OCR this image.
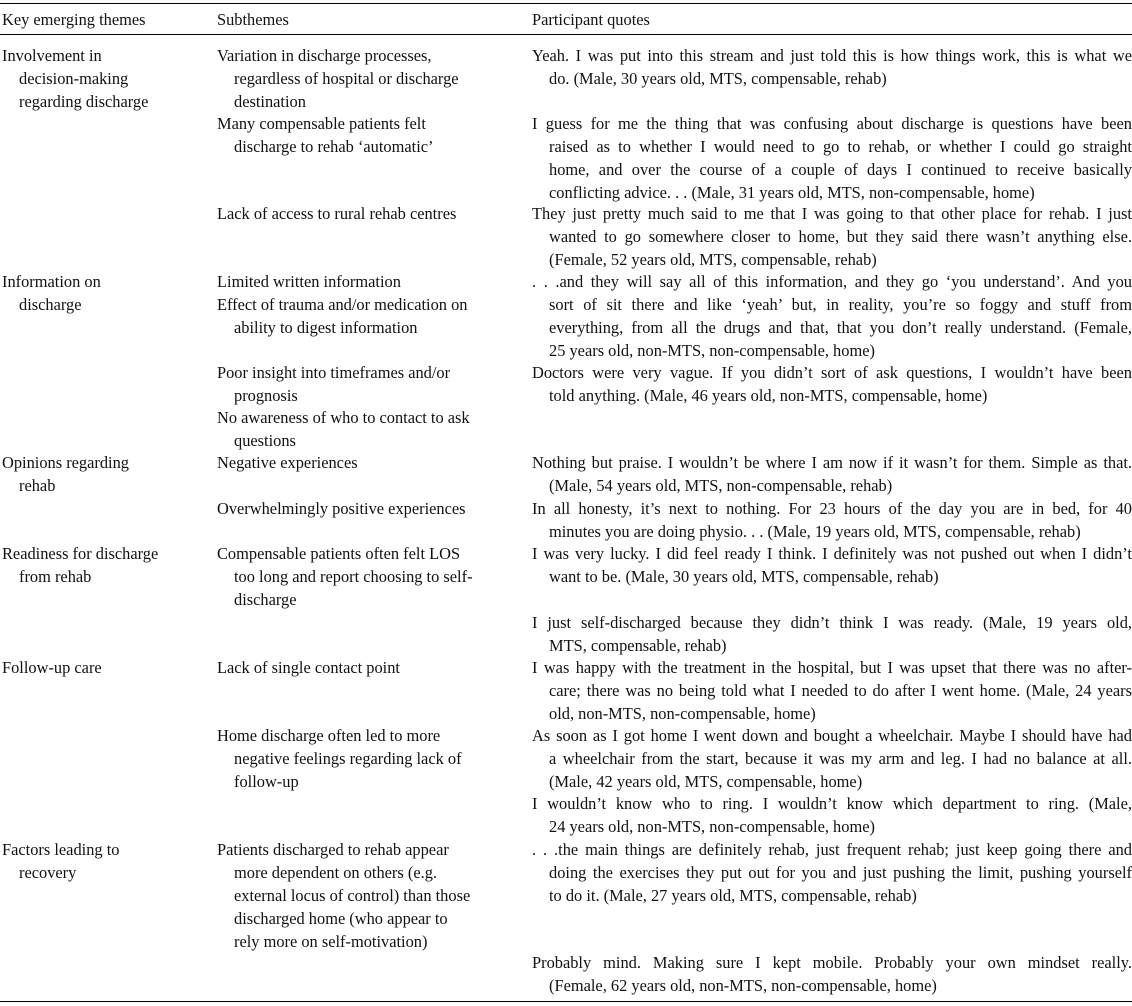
Key emerging themes	Subthemes	Participant quotes
Involvement in
decision-making
regarding discharge
Information on
discharge
Opinions regarding
rehab
Readiness for discharge
from rehab
Follow-up care
Factors leading to
recovery
Variation in discharge processes,
regardless of hospital or discharge
destination
Many compensable patients felt
discharge to rehab ‘automatic’
Lack of access to rural rehab centres
Limited written information
Effect of trauma and/or medication on
ability to digest information
Poor insight into timeframes and/or
prognosis
No awareness of who to contact to ask
questions
Negative experiences
Overwhelmingly positive experiences
Compensable patients often felt LOS
too long and report choosing to self-
discharge
Lack of single contact point
Home discharge often led to more
negative feelings regarding lack of
follow-up
Patients discharged to rehab appear
more dependent on others (e.g.
external locus of control) than those
discharged home (who appear to
rely more on self-motivation)
Yeah. I was put into this stream and just told this is how things work, this is what we
do. (Male, 30 years old, MTS, compensable, rehab)
I guess for me the thing that was confusing about discharge is questions have been
raised as to whether I would need to go to rehab, or whether I could go straight
home, and over the course of a couple of days I continued to receive basically
conflicting advice. . . (Male, 31 years old, MTS, non-compensable, home)
They just pretty much said to me that I was going to that other place for rehab. I just
wanted to go somewhere closer to home, but they said there wasn’t anything else.
(Female, 52 years old, MTS, compensable, rehab)
. . .and they will say all of this information, and they go ‘you understand’. And you
sort of sit there and like ‘yeah’ but, in reality, you’re so foggy and stuff from
everything, from all the drugs and that, that you don’t really understand. (Female,
25 years old, non-MTS, non-compensable, home)
Doctors were very vague. If you didn’t sort of ask questions, I wouldn’t have been
told anything. (Male, 46 years old, non-MTS, compensable, home)
Nothing but praise. I wouldn’t be where I am now if it wasn’t for them. Simple as that.
(Male, 54 years old, MTS, non-compensable, rehab)
In all honesty, it’s next to nothing. For 23 hours of the day you are in bed, for 40
minutes you are doing physio. . . (Male, 19 years old, MTS, compensable, rehab)
I was very lucky. I did feel ready I think. I definitely was not pushed out when I didn’t
want to be. (Male, 30 years old, MTS, compensable, rehab)
I just self-discharged because they didn’t think I was ready. (Male, 19 years old,
MTS, compensable, rehab)
I was happy with the treatment in the hospital, but I was upset that there was no after-
care; there was no being told what I needed to do after I went home. (Male, 24 years
old, non-MTS, non-compensable, home)
As soon as I got home I went down and bought a wheelchair. Maybe I should have had
a wheelchair from the start, because it was my arm and leg. I had no balance at all.
(Male, 42 years old, MTS, compensable, home)
I wouldn’t know who to ring. I wouldn’t know which department to ring. (Male,
24 years old, non-MTS, non-compensable, home)
. . .the main things are definitely rehab, just frequent rehab; just keep going there and
doing the exercises they put out for you and just pushing the limit, pushing yourself
to do it. (Male, 27 years old, MTS, compensable, rehab)
Probably mind. Making sure I kept mobile. Probably your own mindset really.
(Female, 62 years old, non-MTS, non-compensable, home)
